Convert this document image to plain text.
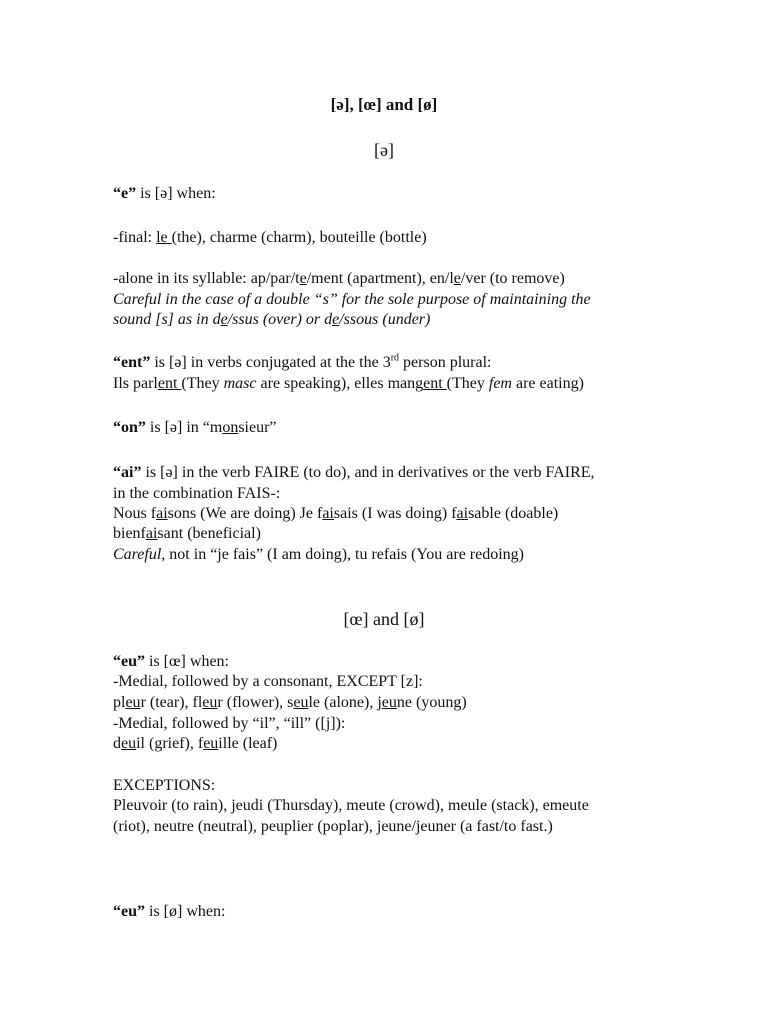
[ə], [œ] and [ø]
[ə]
“e” is [ə] when:
-final: le (the), charme (charm), bouteille (bottle)
-alone in its syllable: ap/par/te/ment (apartment), en/le/ver (to remove)
Careful in the case of a double “s” for the sole purpose of maintaining the
sound [s] as in de/ssus (over) or de/ssous (under)
“ent” is [ə] in verbs conjugated at the the 3rd person plural:
Ils parlent (They masc are speaking), elles mangent (They fem are eating)
“on” is [ə] in “monsieur”
“ai” is [ə] in the verb FAIRE (to do), and in derivatives or the verb FAIRE,
in the combination FAIS-:
Nous faisons (We are doing) Je faisais (I was doing) faisable (doable)
bienfaisant (beneficial)
Careful, not in “je fais” (I am doing), tu refais (You are redoing)
[œ] and [ø]
“eu” is [œ] when:
-Medial, followed by a consonant, EXCEPT [z]:
pleur (tear), fleur (flower), seule (alone), jeune (young)
-Medial, followed by “il”, “ill” ([j]):
deuil (grief), feuille (leaf)
EXCEPTIONS:
Pleuvoir (to rain), jeudi (Thursday), meute (crowd), meule (stack), emeute
(riot), neutre (neutral), peuplier (poplar), jeune/jeuner (a fast/to fast.)
“eu” is [ø] when:
